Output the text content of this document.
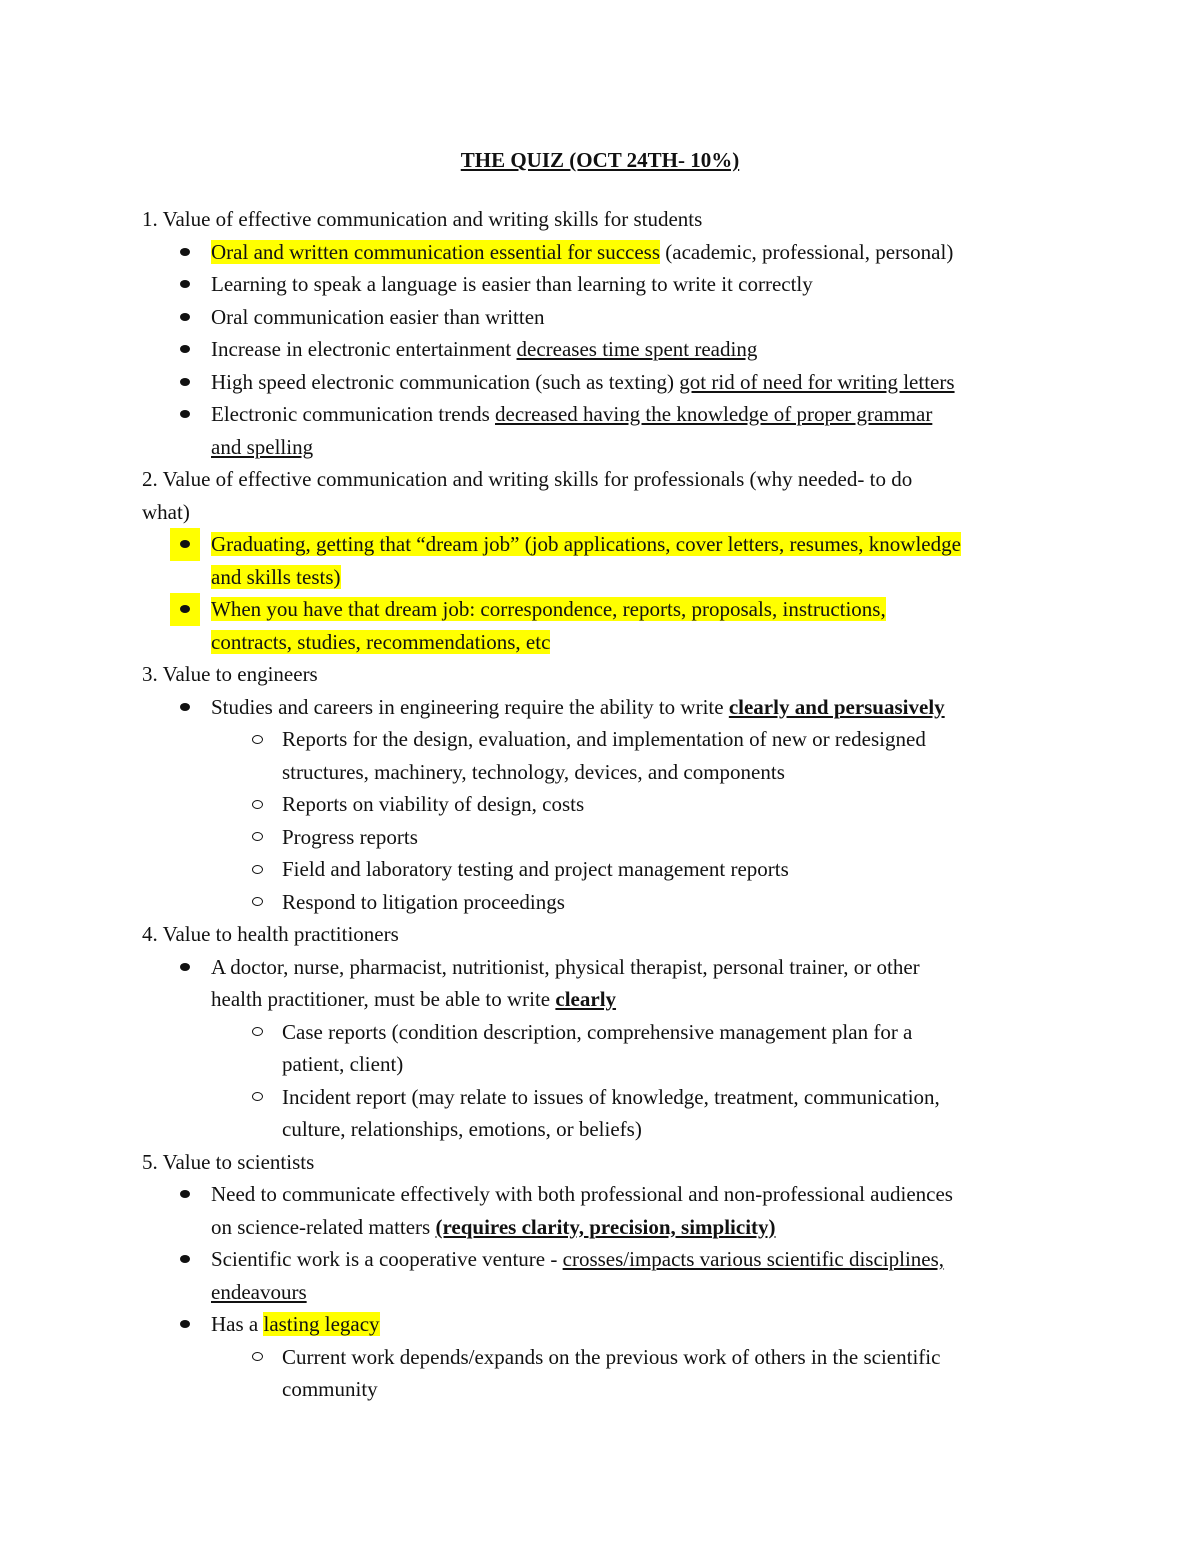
THE QUIZ (OCT 24TH- 10%)
1. Value of effective communication and writing skills for students
Oral and written communication essential for success (academic, professional, personal)
Learning to speak a language is easier than learning to write it correctly
Oral communication easier than written
Increase in electronic entertainment decreases time spent reading
High speed electronic communication (such as texting) got rid of need for writing letters
Electronic communication trends decreased having the knowledge of proper grammar
and spelling
2. Value of effective communication and writing skills for professionals (why needed- to do
what)
Graduating, getting that “dream job” (job applications, cover letters, resumes, knowledge
and skills tests)
When you have that dream job: correspondence, reports, proposals, instructions,
contracts, studies, recommendations, etc
3. Value to engineers
Studies and careers in engineering require the ability to write clearly and persuasively
Reports for the design, evaluation, and implementation of new or redesigned
structures, machinery, technology, devices, and components
Reports on viability of design, costs
Progress reports
Field and laboratory testing and project management reports
Respond to litigation proceedings
4. Value to health practitioners
A doctor, nurse, pharmacist, nutritionist, physical therapist, personal trainer, or other
health practitioner, must be able to write clearly
Case reports (condition description, comprehensive management plan for a
patient, client)
Incident report (may relate to issues of knowledge, treatment, communication,
culture, relationships, emotions, or beliefs)
5. Value to scientists
Need to communicate effectively with both professional and non-professional audiences
on science-related matters (requires clarity, precision, simplicity)
Scientific work is a cooperative venture - crosses/impacts various scientific disciplines,
endeavours
Has a lasting legacy
Current work depends/expands on the previous work of others in the scientific
community
